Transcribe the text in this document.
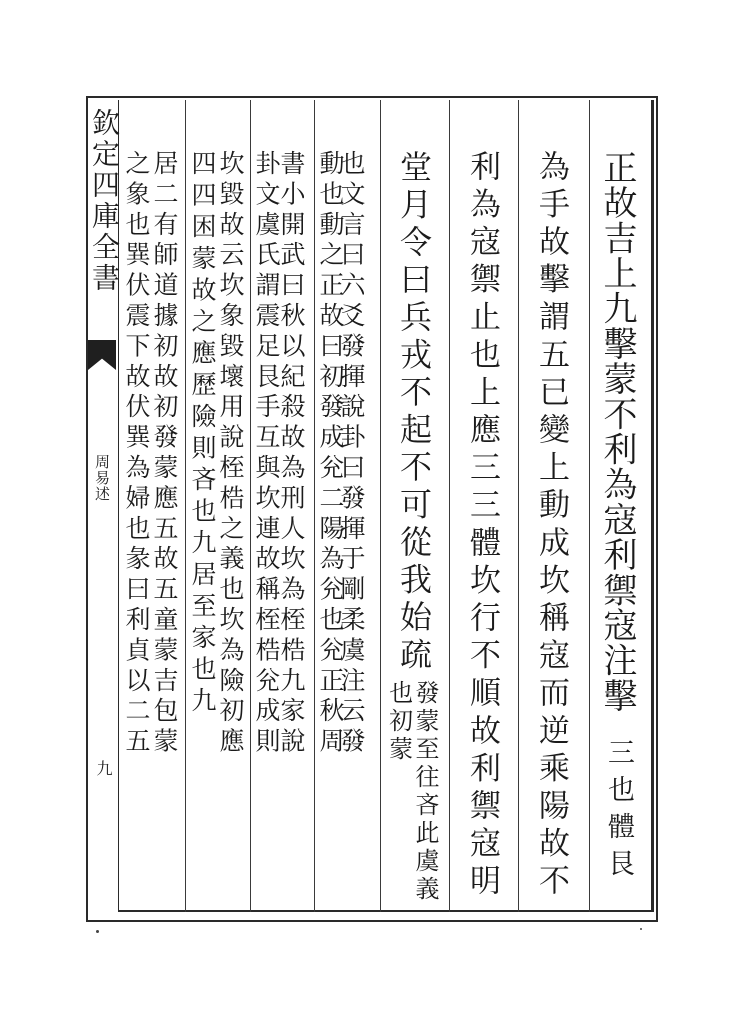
欽定四庫全書
周易述
九
正故吉上九擊蒙不利為寇利禦寇注擊
三也體艮
為手故擊謂五已變上動成坎稱寇而逆乘陽故不
利為寇禦止也上應三三體坎行不順故利禦寇明
堂月令曰兵戎不起不可從我始疏
發蒙至往吝此虞義也初蒙
也文言曰六爻發揮說卦曰發揮于剛柔虞注云發
動也動之正故曰初發成兊二陽為兊也兊正秋周
書小開武曰秋以紀殺故為刑人坎為桎梏九家說
卦文虞氏謂震足艮手互與坎連故稱桎梏兊成則
坎毀故云坎象毀壞用說桎梏之義也坎為險初應
四四困蒙故之應歷險則吝也九居至家也九
居二有師道據初故初發蒙應五故五童蒙吉包蒙
之象也巽伏震下故伏巽為婦也彖曰利貞以二五
